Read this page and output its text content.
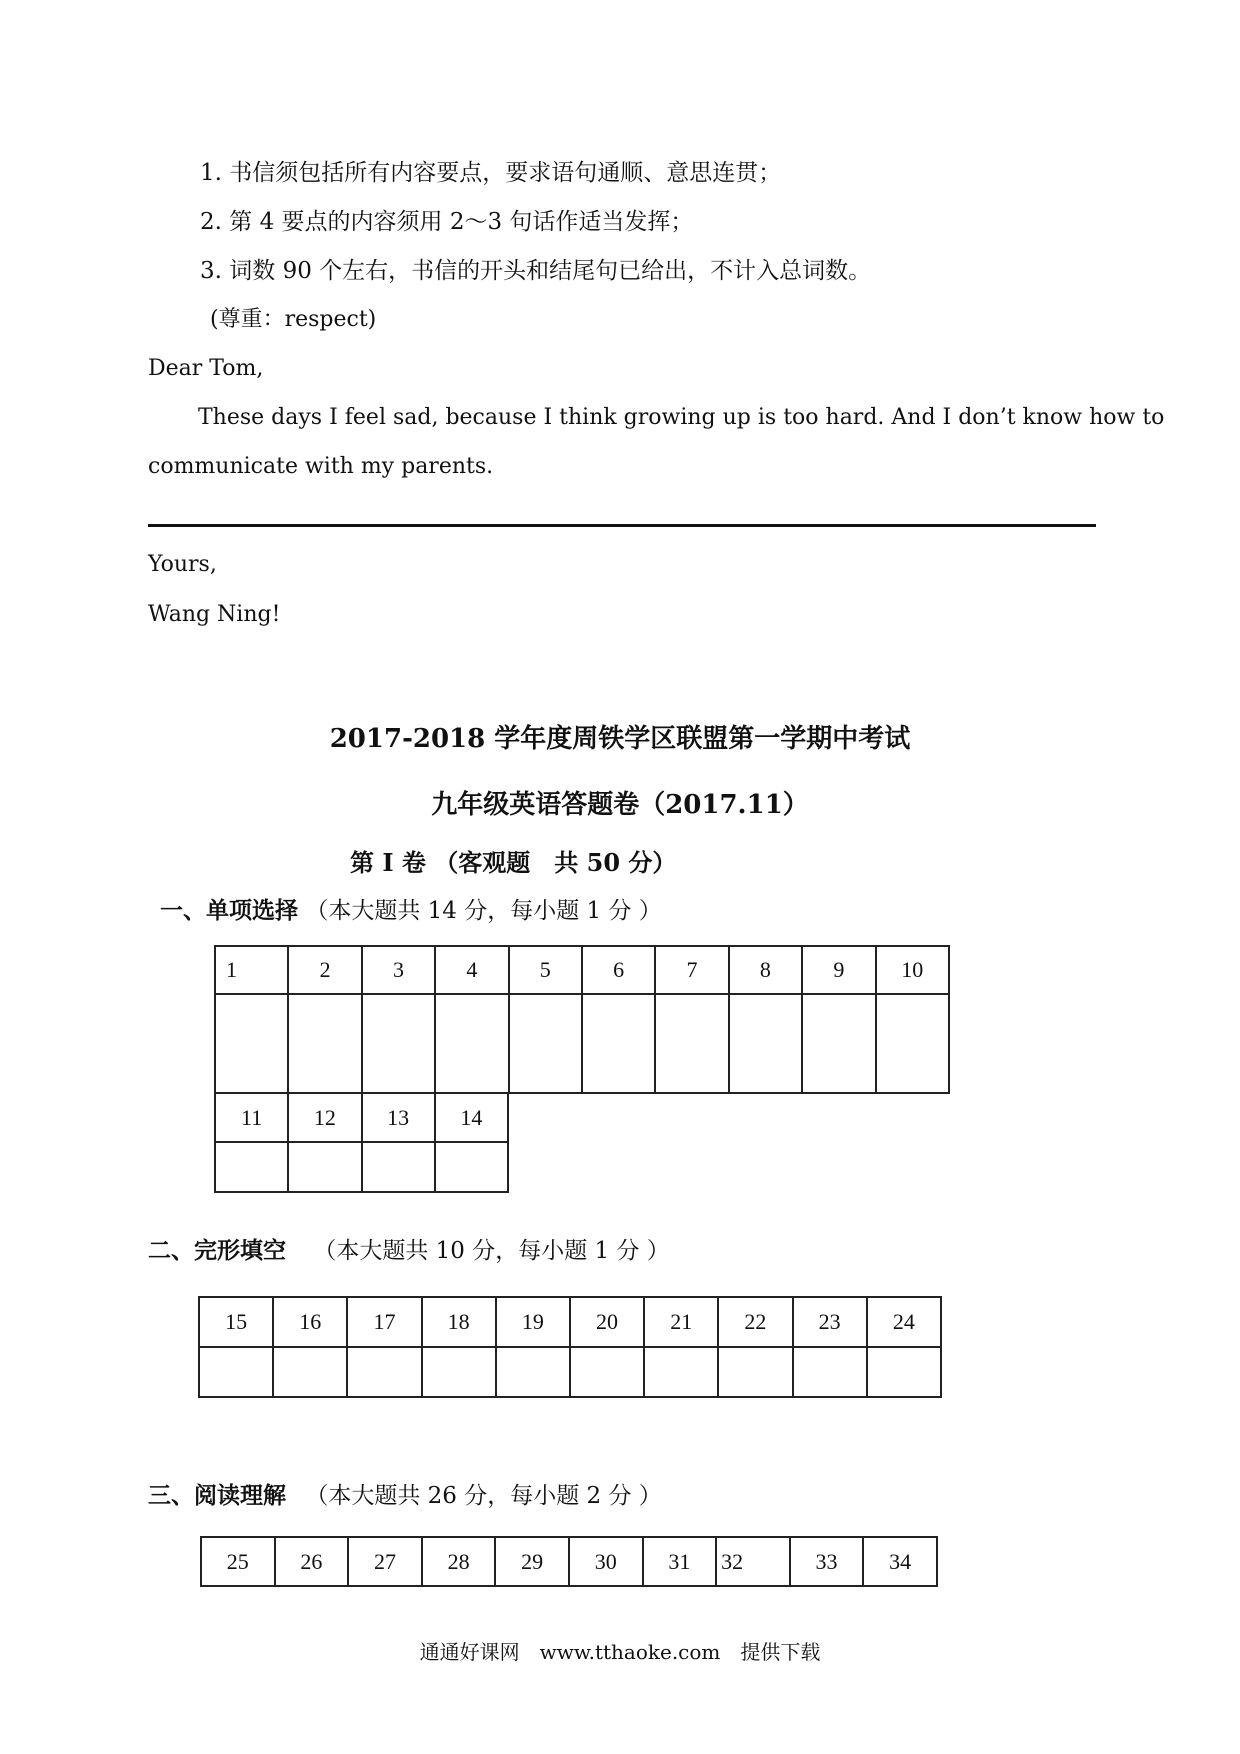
1. 书信须包括所有内容要点，要求语句通顺、意思连贯；
2. 第 4 要点的内容须用 2～3 句话作适当发挥；
3. 词数 90 个左右，书信的开头和结尾句已给出，不计入总词数。
(尊重：respect)
Dear Tom,
These days I feel sad, because I think growing up is too hard. And I don’t know how to
communicate with my parents.
Yours,
Wang Ning!
2017-2018 学年度周铁学区联盟第一学期中考试
九年级英语答题卷（2017.11）
第 I 卷 （客观题　共 50 分）
一、单项选择 （本大题共 14 分，每小题 1 分 ）
1	2	3	4	5	6	7	8	9	10

11	12	13	14

二、完形填空 （本大题共 10 分，每小题 1 分 ）
15	16	17	18	19	20	21	22	23	24

三、阅读理解 （本大题共 26 分，每小题 2 分 ）
25	26	27	28	29	30	31	32	33	34
通通好课网　www.tthaoke.com　提供下载
